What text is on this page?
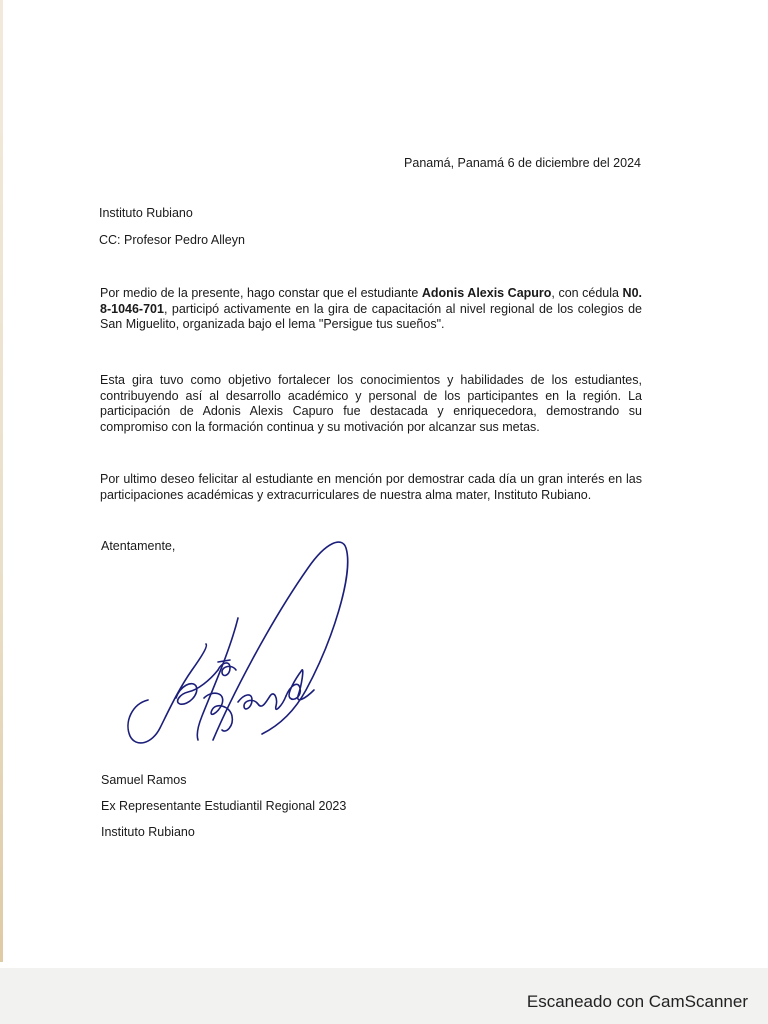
Panamá, Panamá 6 de diciembre del 2024
Instituto Rubiano
CC: Profesor Pedro Alleyn

Por medio de la presente, hago constar que el estudiante Adonis Alexis Capuro, con cédula N0. 8-1046-701, participó activamente en la gira de capacitación al nivel regional de los colegios de San Miguelito, organizada bajo el lema "Persigue tus sueños".

Esta gira tuvo como objetivo fortalecer los conocimientos y habilidades de los estudiantes, contribuyendo así al desarrollo académico y personal de los participantes en la región. La participación de Adonis Alexis Capuro fue destacada y enriquecedora, demostrando su compromiso con la formación continua y su motivación por alcanzar sus metas.

Por ultimo deseo felicitar al estudiante en mención por demostrar cada día un gran interés en las participaciones académicas y extracurriculares de nuestra alma mater, Instituto Rubiano.

Atentamente,
Samuel Ramos
Ex Representante Estudiantil Regional 2023
Instituto Rubiano
Escaneado con CamScanner
